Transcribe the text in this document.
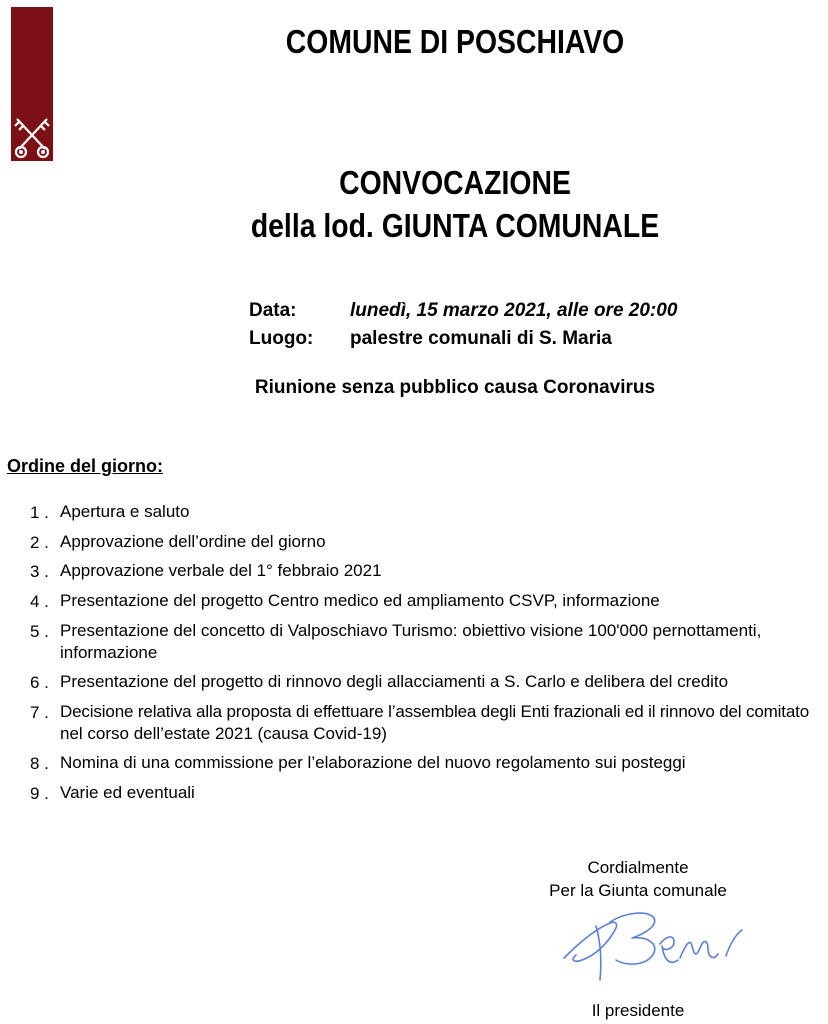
COMUNE DI POSCHIAVO
CONVOCAZIONE
della lod. GIUNTA COMUNALE
Data:	lunedì, 15 marzo 2021, alle ore 20:00
Luogo: palestre comunali di S. Maria
Riunione senza pubblico causa Coronavirus
Ordine del giorno:
1 . Apertura e saluto
2 . Approvazione dell’ordine del giorno
3 . Approvazione verbale del 1° febbraio 2021
4 . Presentazione del progetto Centro medico ed ampliamento CSVP, informazione
5 . Presentazione del concetto di Valposchiavo Turismo: obiettivo visione 100'000 pernottamenti,
informazione
6 . Presentazione del progetto di rinnovo degli allacciamenti a S. Carlo e delibera del credito
7 . Decisione relativa alla proposta di effettuare l’assemblea degli Enti frazionali ed il rinnovo del comitato
nel corso dell’estate 2021 (causa Covid-19)
8 . Nomina di una commissione per l’elaborazione del nuovo regolamento sui posteggi
9 . Varie ed eventuali
Cordialmente
Per la Giunta comunale
Il presidente
